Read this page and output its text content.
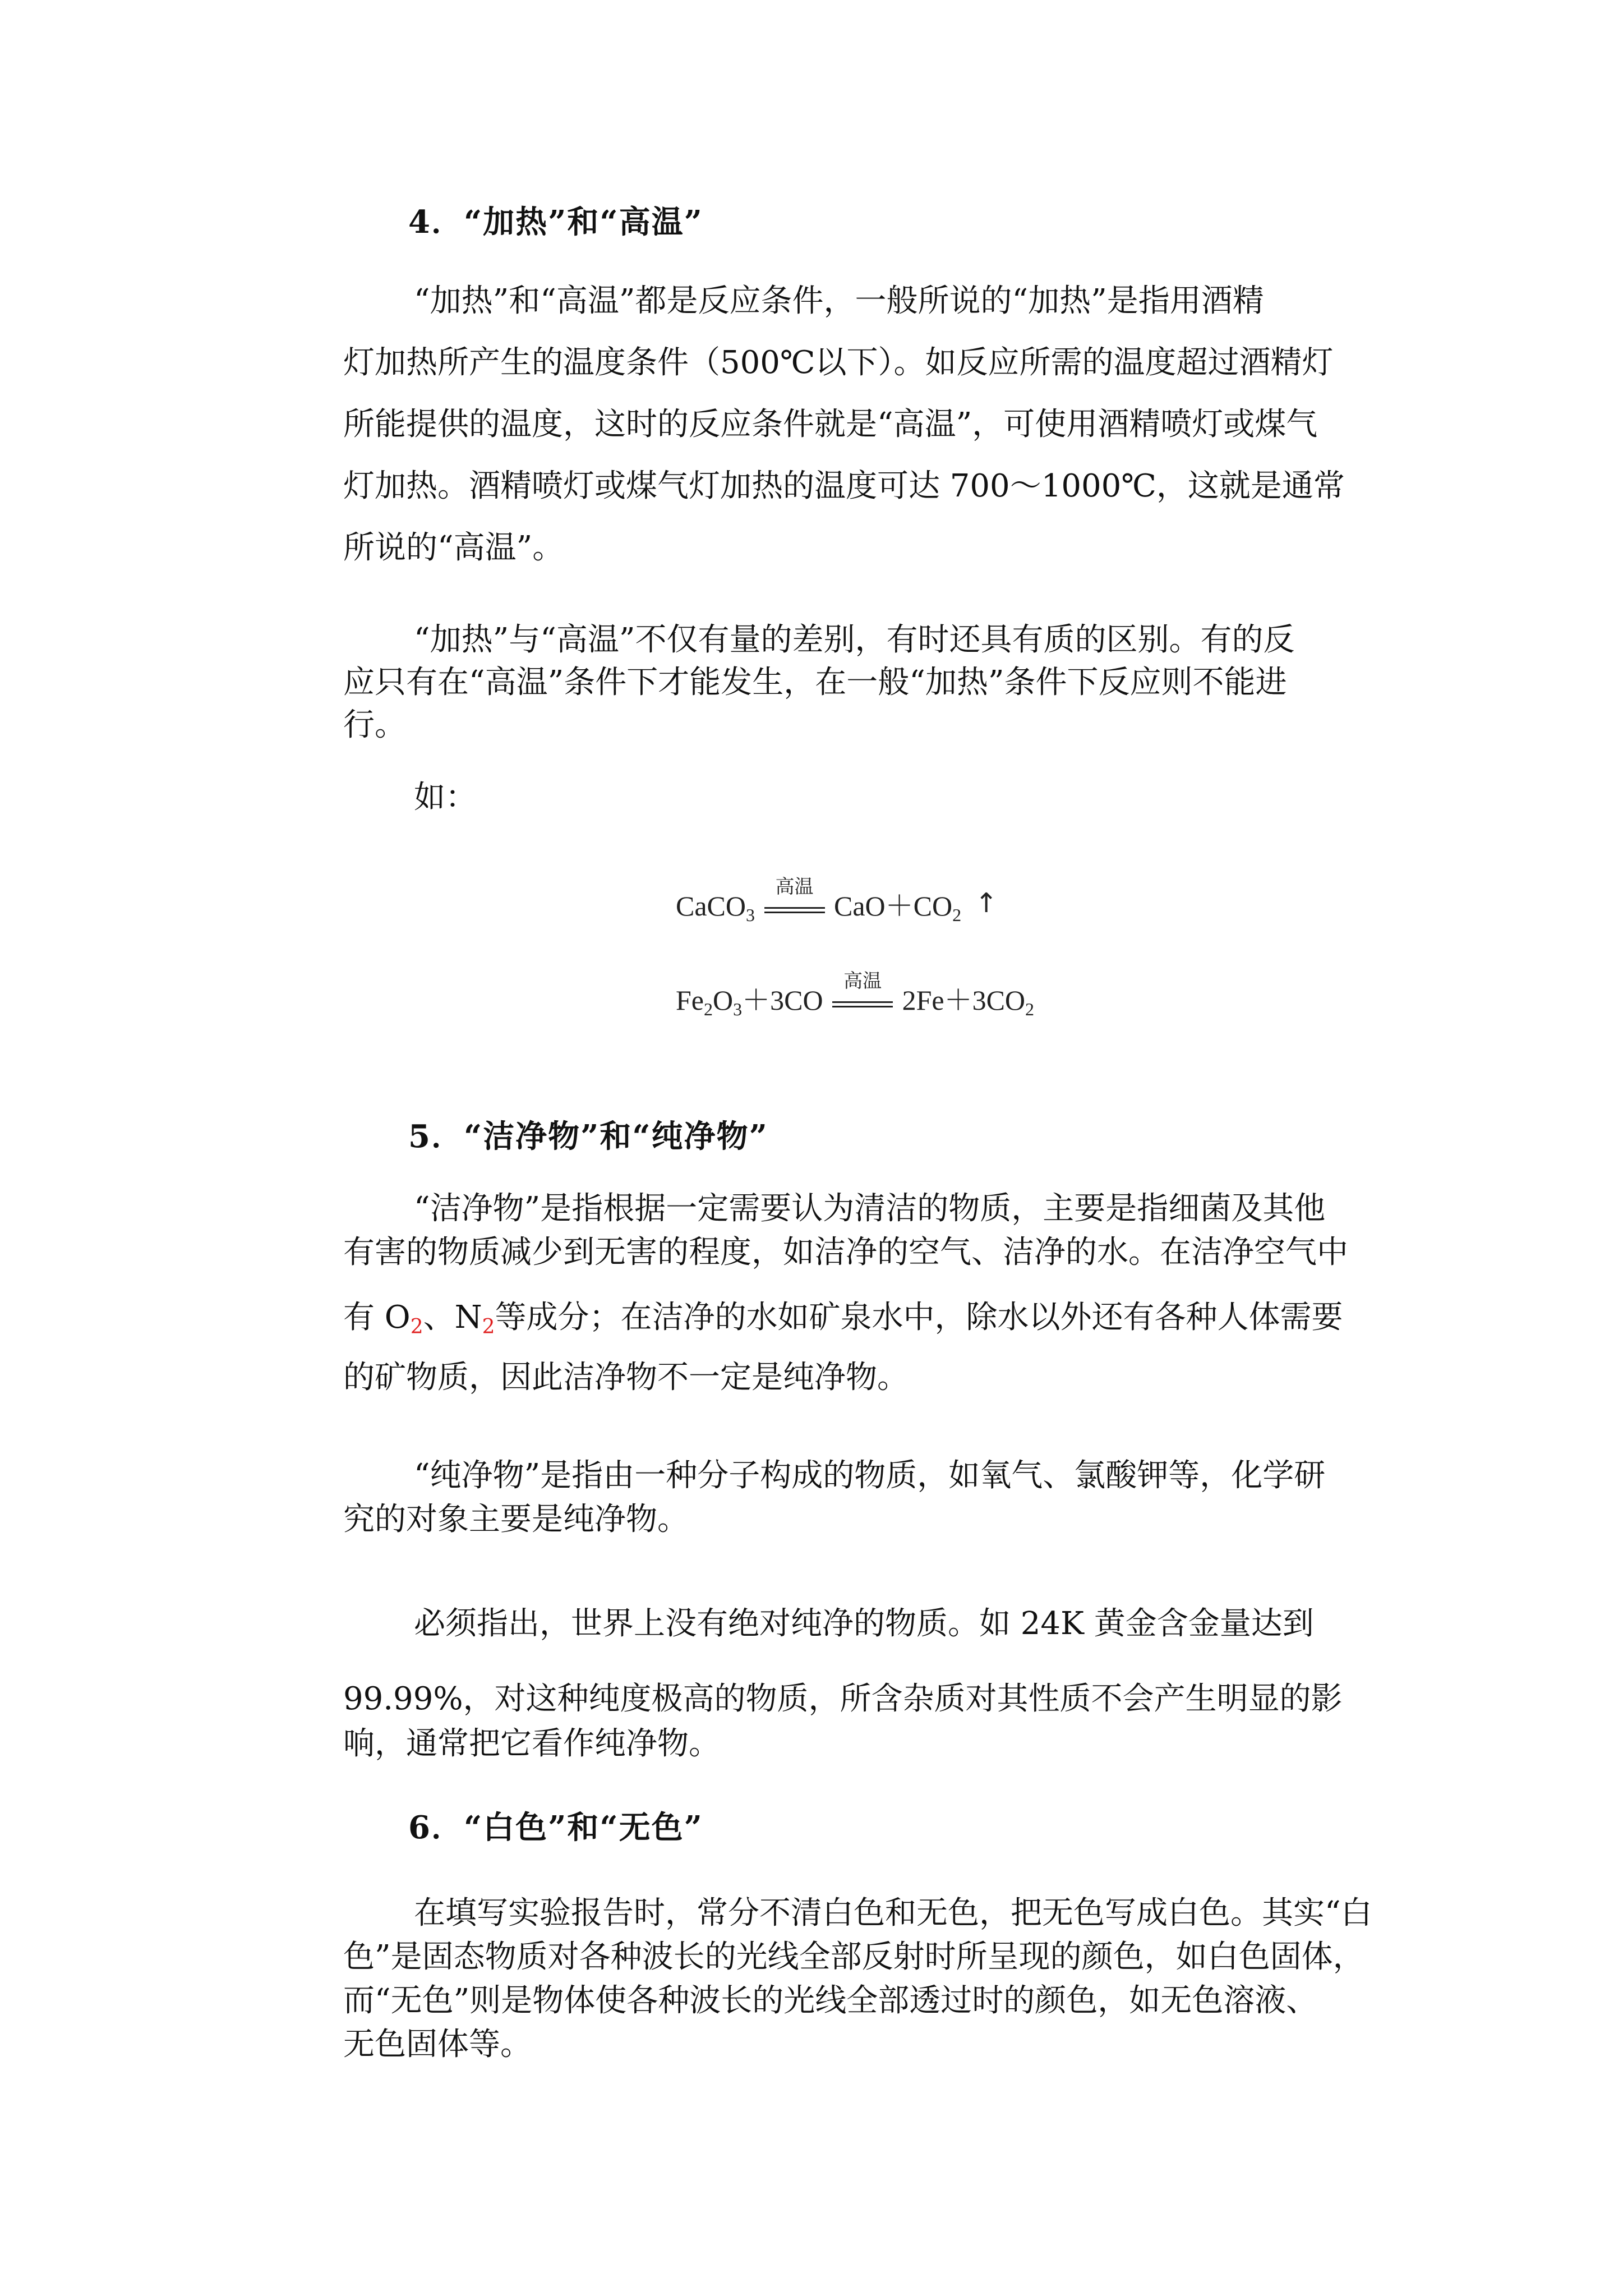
4．“加热”和“高温”
“加热”和“高温”都是反应条件，一般所说的“加热”是指用酒精
灯加热所产生的温度条件（500℃以下）。如反应所需的温度超过酒精灯
所能提供的温度，这时的反应条件就是“高温”，可使用酒精喷灯或煤气
灯加热。酒精喷灯或煤气灯加热的温度可达 700～1000℃，这就是通常
所说的“高温”。
“加热”与“高温”不仅有量的差别，有时还具有质的区别。有的反
应只有在“高温”条件下才能发生，在一般“加热”条件下反应则不能进
行。
如：
CaCO$_3$
高温
$CaO+CO_2$ ↑
$Fe_2O_3+3CO$
高温
$2Fe+3CO_2$
5．“洁净物”和“纯净物”
“洁净物”是指根据一定需要认为清洁的物质，主要是指细菌及其他
有害的物质减少到无害的程度，如洁净的空气、洁净的水。在洁净空气中
有 $O_2$、$N_2$等成分；在洁净的水如矿泉水中，除水以外还有各种人体需要
的矿物质，因此洁净物不一定是纯净物。
“纯净物”是指由一种分子构成的物质，如氧气、氯酸钾等，化学研
究的对象主要是纯净物。
必须指出，世界上没有绝对纯净的物质。如 24K 黄金含金量达到
99.99%，对这种纯度极高的物质，所含杂质对其性质不会产生明显的影
响，通常把它看作纯净物。
6．“白色”和“无色”
在填写实验报告时，常分不清白色和无色，把无色写成白色。其实“白
色”是固态物质对各种波长的光线全部反射时所呈现的颜色，如白色固体，
而“无色”则是物体使各种波长的光线全部透过时的颜色，如无色溶液、
无色固体等。
